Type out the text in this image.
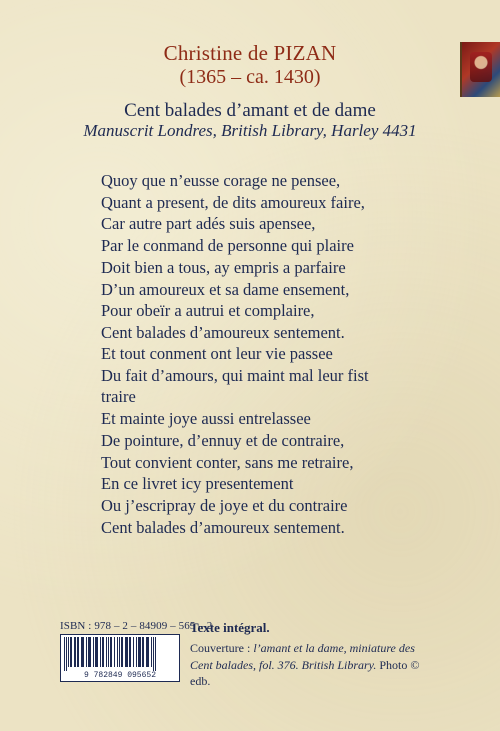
Christine de PIZAN
(1365 – ca. 1430)
Cent balades d’amant et de dame
Manuscrit Londres, British Library, Harley 4431
Quoy que n’eusse corage ne pensee,
Quant a present, de dits amoureux faire,
Car autre part adés suis apensee,
Par le conmand de personne qui plaire
Doit bien a tous, ay empris a parfaire
D’un amoureux et sa dame ensement,
Pour obeïr a autrui et complaire,
Cent balades d’amoureux sentement.
Et tout conment ont leur vie passee
Du fait d’amours, qui maint mal leur fist
traire
Et mainte joye aussi entrelassee
De pointure, d’ennuy et de contraire,
Tout convient conter, sans me retraire,
En ce livret icy presentement
Ou j’escripray de joye et du contraire
Cent balades d’amoureux sentement.
ISBN : 978 – 2 – 84909 – 565 – 2
9 782849 095652
Texte intégral.
Couverture : l’amant et la dame, miniature des Cent balades, fol. 376. British Library. Photo © edb.
